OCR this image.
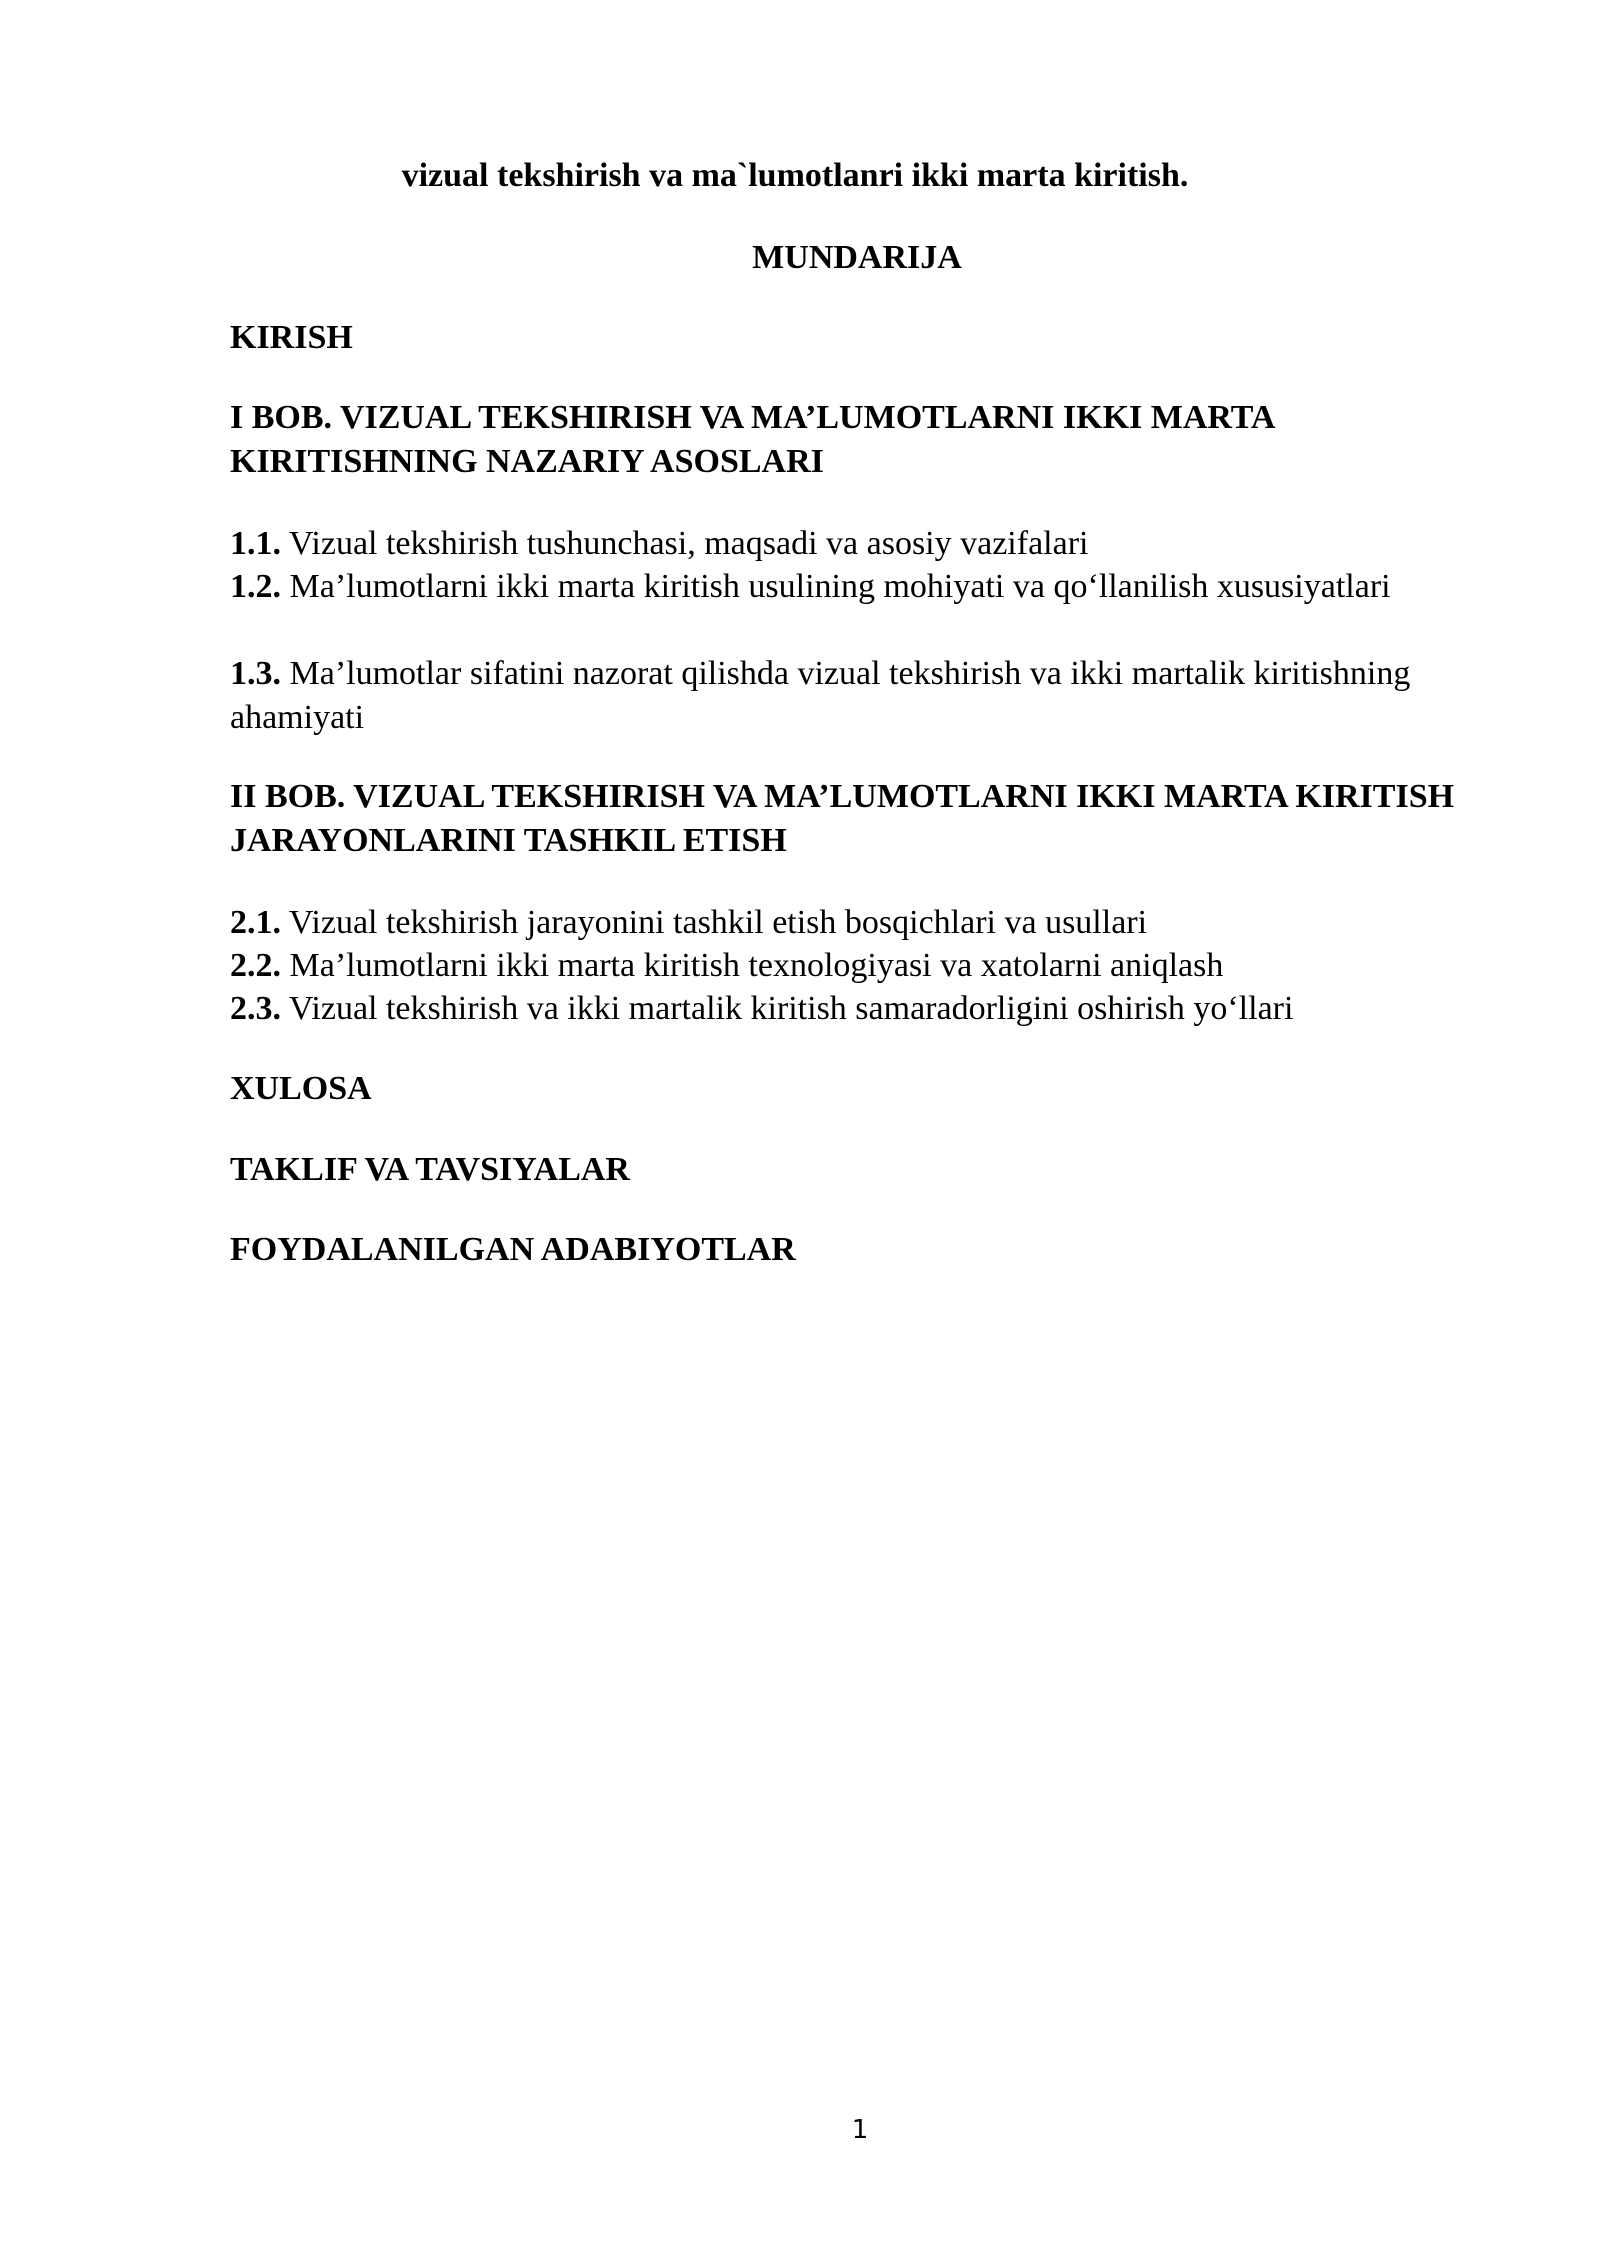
vizual tekshirish va ma`lumotlanri ikki marta kiritish.
MUNDARIJA
KIRISH
I BOB. VIZUAL TEKSHIRISH VA MA’LUMOTLARNI IKKI MARTA KIRITISHNING NAZARIY ASOSLARI
1.1. Vizual tekshirish tushunchasi, maqsadi va asosiy vazifalari
1.2. Ma’lumotlarni ikki marta kiritish usulining mohiyati va qo‘llanilish xususiyatlari
1.3. Ma’lumotlar sifatini nazorat qilishda vizual tekshirish va ikki martalik kiritishning ahamiyati
II BOB. VIZUAL TEKSHIRISH VA MA’LUMOTLARNI IKKI MARTA KIRITISH JARAYONLARINI TASHKIL ETISH
2.1. Vizual tekshirish jarayonini tashkil etish bosqichlari va usullari
2.2. Ma’lumotlarni ikki marta kiritish texnologiyasi va xatolarni aniqlash
2.3. Vizual tekshirish va ikki martalik kiritish samaradorligini oshirish yo‘llari
XULOSA
TAKLIF VA TAVSIYALAR
FOYDALANILGAN ADABIYOTLAR
1
